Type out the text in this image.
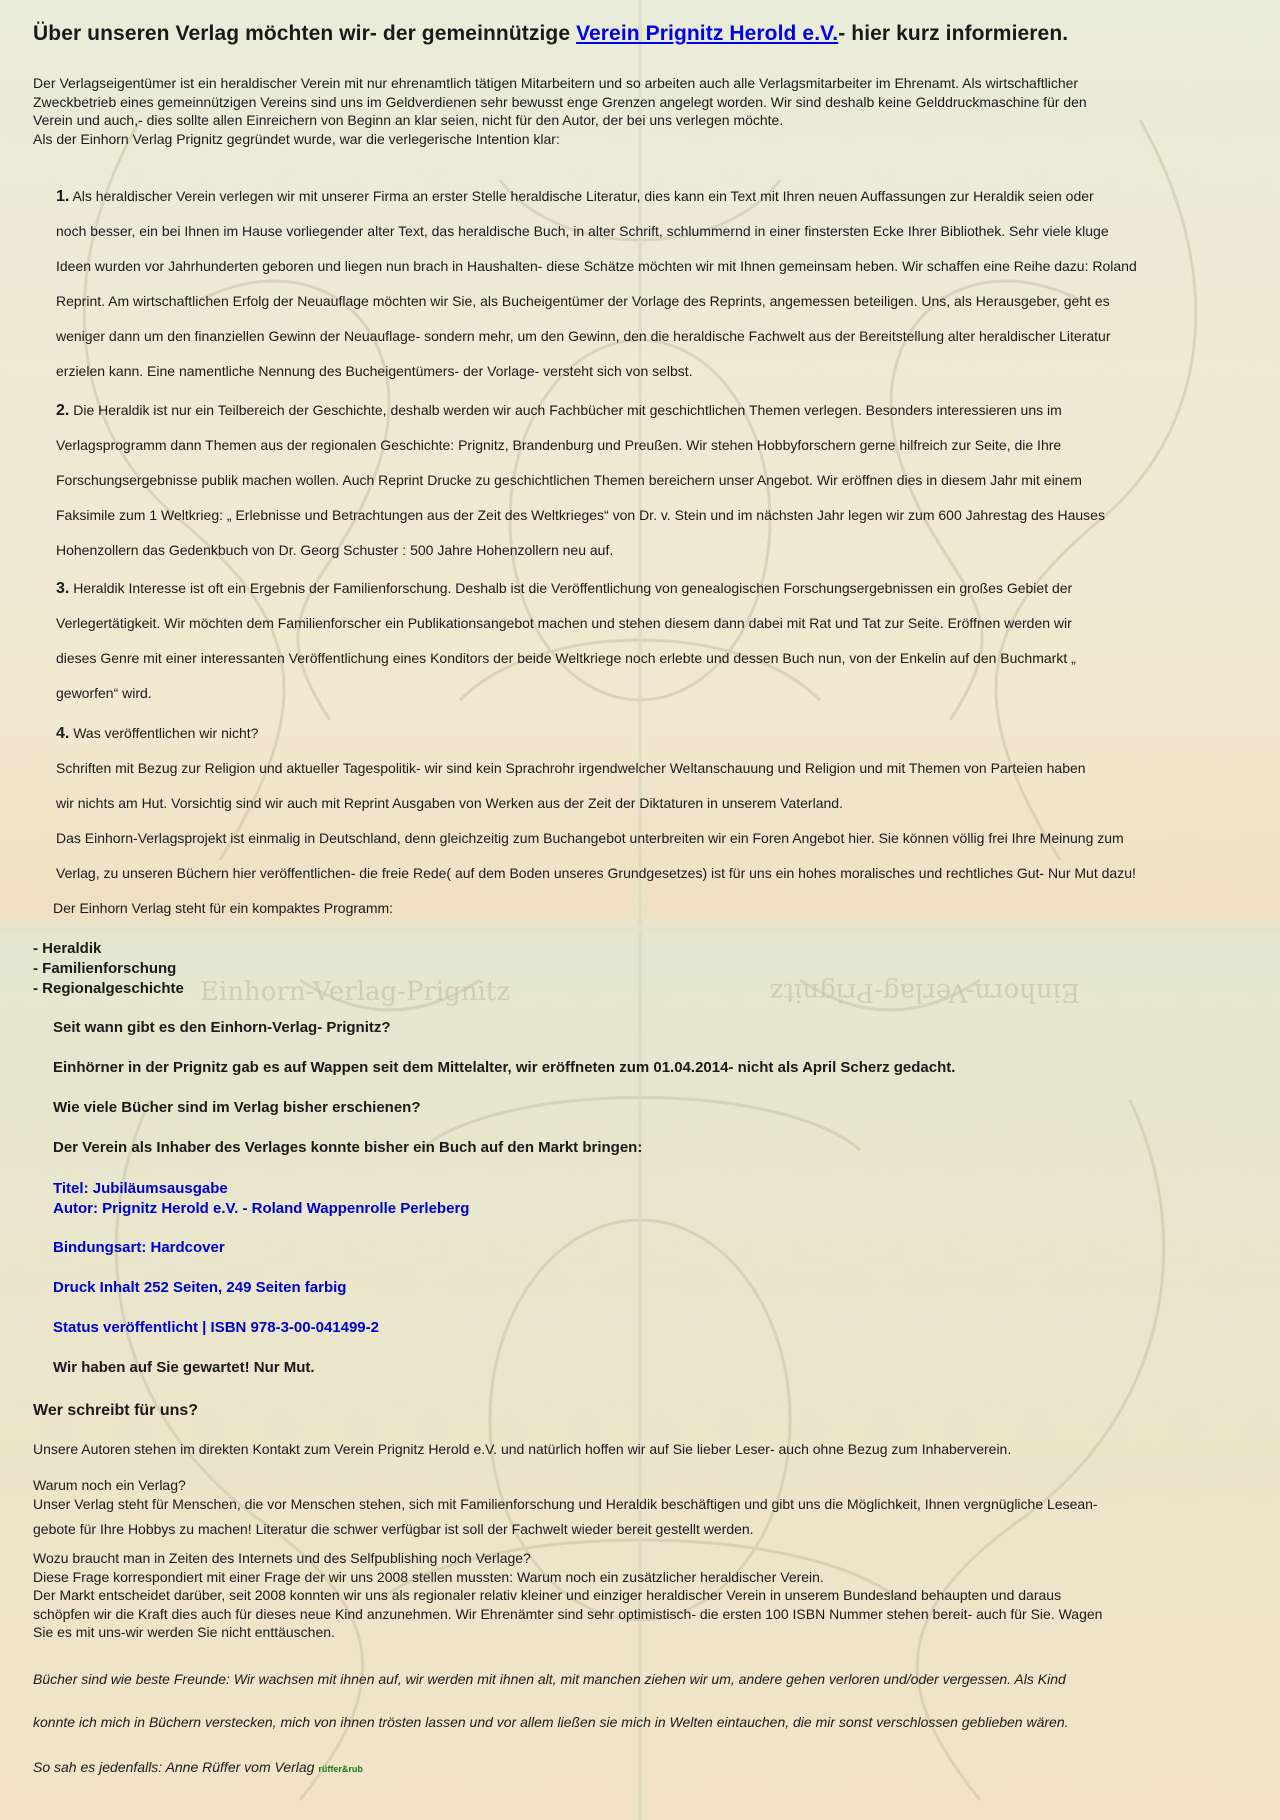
Einhorn-Verlag-Prignitz	Einhorn-Verlag-Prignitz
Über unseren Verlag möchten wir- der gemeinnützige Verein Prignitz Herold e.V.- hier kurz informieren.
Der Verlagseigentümer ist ein heraldischer Verein mit nur ehrenamtlich tätigen Mitarbeitern und so arbeiten auch alle Verlagsmitarbeiter im Ehrenamt. Als wirtschaftlicher
Zweckbetrieb eines gemeinnützigen Vereins sind uns im Geldverdienen sehr bewusst enge Grenzen angelegt worden. Wir sind deshalb keine Gelddruckmaschine für den
Verein und auch,- dies sollte allen Einreichern von Beginn an klar seien, nicht für den Autor, der bei uns verlegen möchte.
Als der Einhorn Verlag Prignitz gegründet wurde, war die verlegerische Intention klar:
1. Als heraldischer Verein verlegen wir mit unserer Firma an erster Stelle heraldische Literatur, dies kann ein Text mit Ihren neuen Auffassungen zur Heraldik seien oder
noch besser, ein bei Ihnen im Hause vorliegender alter Text, das heraldische Buch, in alter Schrift, schlummernd in einer finstersten Ecke Ihrer Bibliothek. Sehr viele kluge
Ideen wurden vor Jahrhunderten geboren und liegen nun brach in Haushalten- diese Schätze möchten wir mit Ihnen gemeinsam heben. Wir schaffen eine Reihe dazu: Roland
Reprint. Am wirtschaftlichen Erfolg der Neuauflage möchten wir Sie, als Bucheigentümer der Vorlage des Reprints, angemessen beteiligen. Uns, als Herausgeber, geht es
weniger dann um den finanziellen Gewinn der Neuauflage- sondern mehr, um den Gewinn, den die heraldische Fachwelt aus der Bereitstellung alter heraldischer Literatur
erzielen kann. Eine namentliche Nennung des Bucheigentümers- der Vorlage- versteht sich von selbst.
2. Die Heraldik ist nur ein Teilbereich der Geschichte, deshalb werden wir auch Fachbücher mit geschichtlichen Themen verlegen. Besonders interessieren uns im
Verlagsprogramm dann Themen aus der regionalen Geschichte: Prignitz, Brandenburg und Preußen. Wir stehen Hobbyforschern gerne hilfreich zur Seite, die Ihre
Forschungsergebnisse publik machen wollen. Auch Reprint Drucke zu geschichtlichen Themen bereichern unser Angebot. Wir eröffnen dies in diesem Jahr mit einem
Faksimile zum 1 Weltkrieg: „ Erlebnisse und Betrachtungen aus der Zeit des Weltkrieges“ von Dr. v. Stein und im nächsten Jahr legen wir zum 600 Jahrestag des Hauses
Hohenzollern das Gedenkbuch von Dr. Georg Schuster : 500 Jahre Hohenzollern neu auf.
3. Heraldik Interesse ist oft ein Ergebnis der Familienforschung. Deshalb ist die Veröffentlichung von genealogischen Forschungsergebnissen ein großes Gebiet der
Verlegertätigkeit. Wir möchten dem Familienforscher ein Publikationsangebot machen und stehen diesem dann dabei mit Rat und Tat zur Seite. Eröffnen werden wir
dieses Genre mit einer interessanten Veröffentlichung eines Konditors der beide Weltkriege noch erlebte und dessen Buch nun, von der Enkelin auf den Buchmarkt „
geworfen“ wird.
4. Was veröffentlichen wir nicht?
Schriften mit Bezug zur Religion und aktueller Tagespolitik- wir sind kein Sprachrohr irgendwelcher Weltanschauung und Religion und mit Themen von Parteien haben
wir nichts am Hut. Vorsichtig sind wir auch mit Reprint Ausgaben von Werken aus der Zeit der Diktaturen in unserem Vaterland.
Das Einhorn-Verlagsprojekt ist einmalig in Deutschland, denn gleichzeitig zum Buchangebot unterbreiten wir ein Foren Angebot hier. Sie können völlig frei Ihre Meinung zum
Verlag, zu unseren Büchern hier veröffentlichen- die freie Rede( auf dem Boden unseres Grundgesetzes) ist für uns ein hohes moralisches und rechtliches Gut- Nur Mut dazu!
Der Einhorn Verlag steht für ein kompaktes Programm:
- Heraldik
- Familienforschung
- Regionalgeschichte
Seit wann gibt es den Einhorn-Verlag- Prignitz?
Einhörner in der Prignitz gab es auf Wappen seit dem Mittelalter, wir eröffneten zum 01.04.2014- nicht als April Scherz gedacht.
Wie viele Bücher sind im Verlag bisher erschienen?
Der Verein als Inhaber des Verlages konnte bisher ein Buch auf den Markt bringen:
Titel: Jubiläumsausgabe
Autor: Prignitz Herold e.V. - Roland Wappenrolle Perleberg
Bindungsart: Hardcover
Druck Inhalt 252 Seiten, 249 Seiten farbig
Status veröffentlicht | ISBN 978-3-00-041499-2
Wir haben auf Sie gewartet! Nur Mut.
Wer schreibt für uns?
Unsere Autoren stehen im direkten Kontakt zum Verein Prignitz Herold e.V. und natürlich hoffen wir auf Sie lieber Leser- auch ohne Bezug zum Inhaberverein.
Warum noch ein Verlag?
Unser Verlag steht für Menschen, die vor Menschen stehen, sich mit Familienforschung und Heraldik beschäftigen und gibt uns die Möglichkeit, Ihnen vergnügliche Lesean-
gebote für Ihre Hobbys zu machen! Literatur die schwer verfügbar ist soll der Fachwelt wieder bereit gestellt werden.
Wozu braucht man in Zeiten des Internets und des Selfpublishing noch Verlage?
Diese Frage korrespondiert mit einer Frage der wir uns 2008 stellen mussten: Warum noch ein zusätzlicher heraldischer Verein.
Der Markt entscheidet darüber, seit 2008 konnten wir uns als regionaler relativ kleiner und einziger heraldischer Verein in unserem Bundesland behaupten und daraus
schöpfen wir die Kraft dies auch für dieses neue Kind anzunehmen. Wir Ehrenämter sind sehr optimistisch- die ersten 100 ISBN Nummer stehen bereit- auch für Sie. Wagen
Sie es mit uns-wir werden Sie nicht enttäuschen.
Bücher sind wie beste Freunde: Wir wachsen mit ihnen auf, wir werden mit ihnen alt, mit manchen ziehen wir um, andere gehen verloren und/oder vergessen. Als Kind
konnte ich mich in Büchern verstecken, mich von ihnen trösten lassen und vor allem ließen sie mich in Welten eintauchen, die mir sonst verschlossen geblieben wären.
So sah es jedenfalls: Anne Rüffer vom Verlag rüffer&rub
